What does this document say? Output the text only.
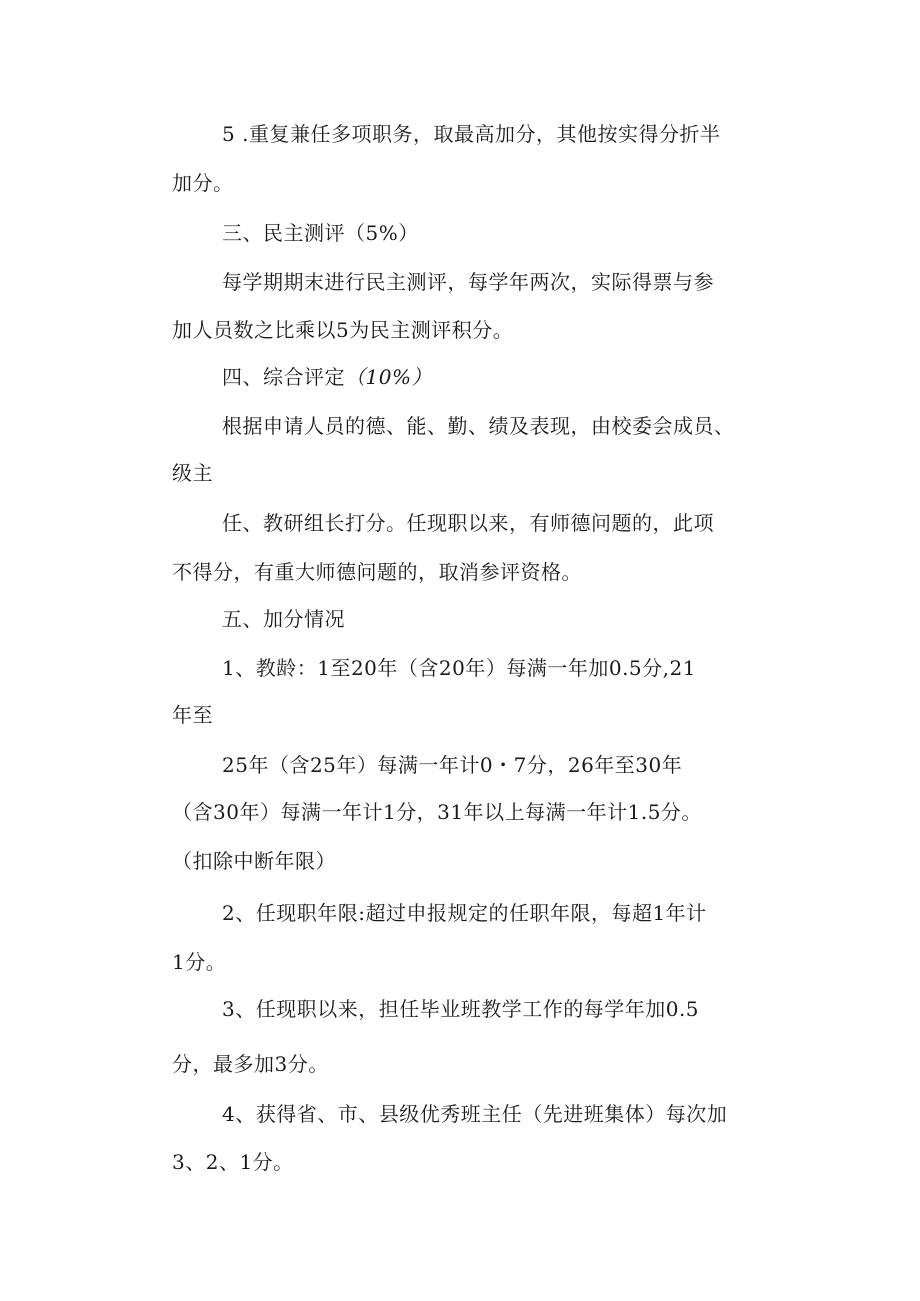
5 .重复兼任多项职务，取最高加分，其他按实得分折半
加分。
三、民主测评（5%）
每学期期末进行民主测评，每学年两次，实际得票与参
加人员数之比乘以5为民主测评积分。
四、综合评定（10%）
根据申请人员的德、能、勤、绩及表现，由校委会成员、
级主
任、教研组长打分。任现职以来，有师德问题的，此项
不得分，有重大师德问题的，取消参评资格。
五、加分情况
1、教龄：1至20年（含20年）每满一年加0.5分,21
年至
25年（含25年）每满一年计0・7分，26年至30年
（含30年）每满一年计1分，31年以上每满一年计1.5分。
（扣除中断年限）
2、任现职年限:超过申报规定的任职年限，每超1年计
1分。
3、任现职以来，担任毕业班教学工作的每学年加0.5
分，最多加3分。
4、获得省、市、县级优秀班主任（先进班集体）每次加
3、2、1分。
